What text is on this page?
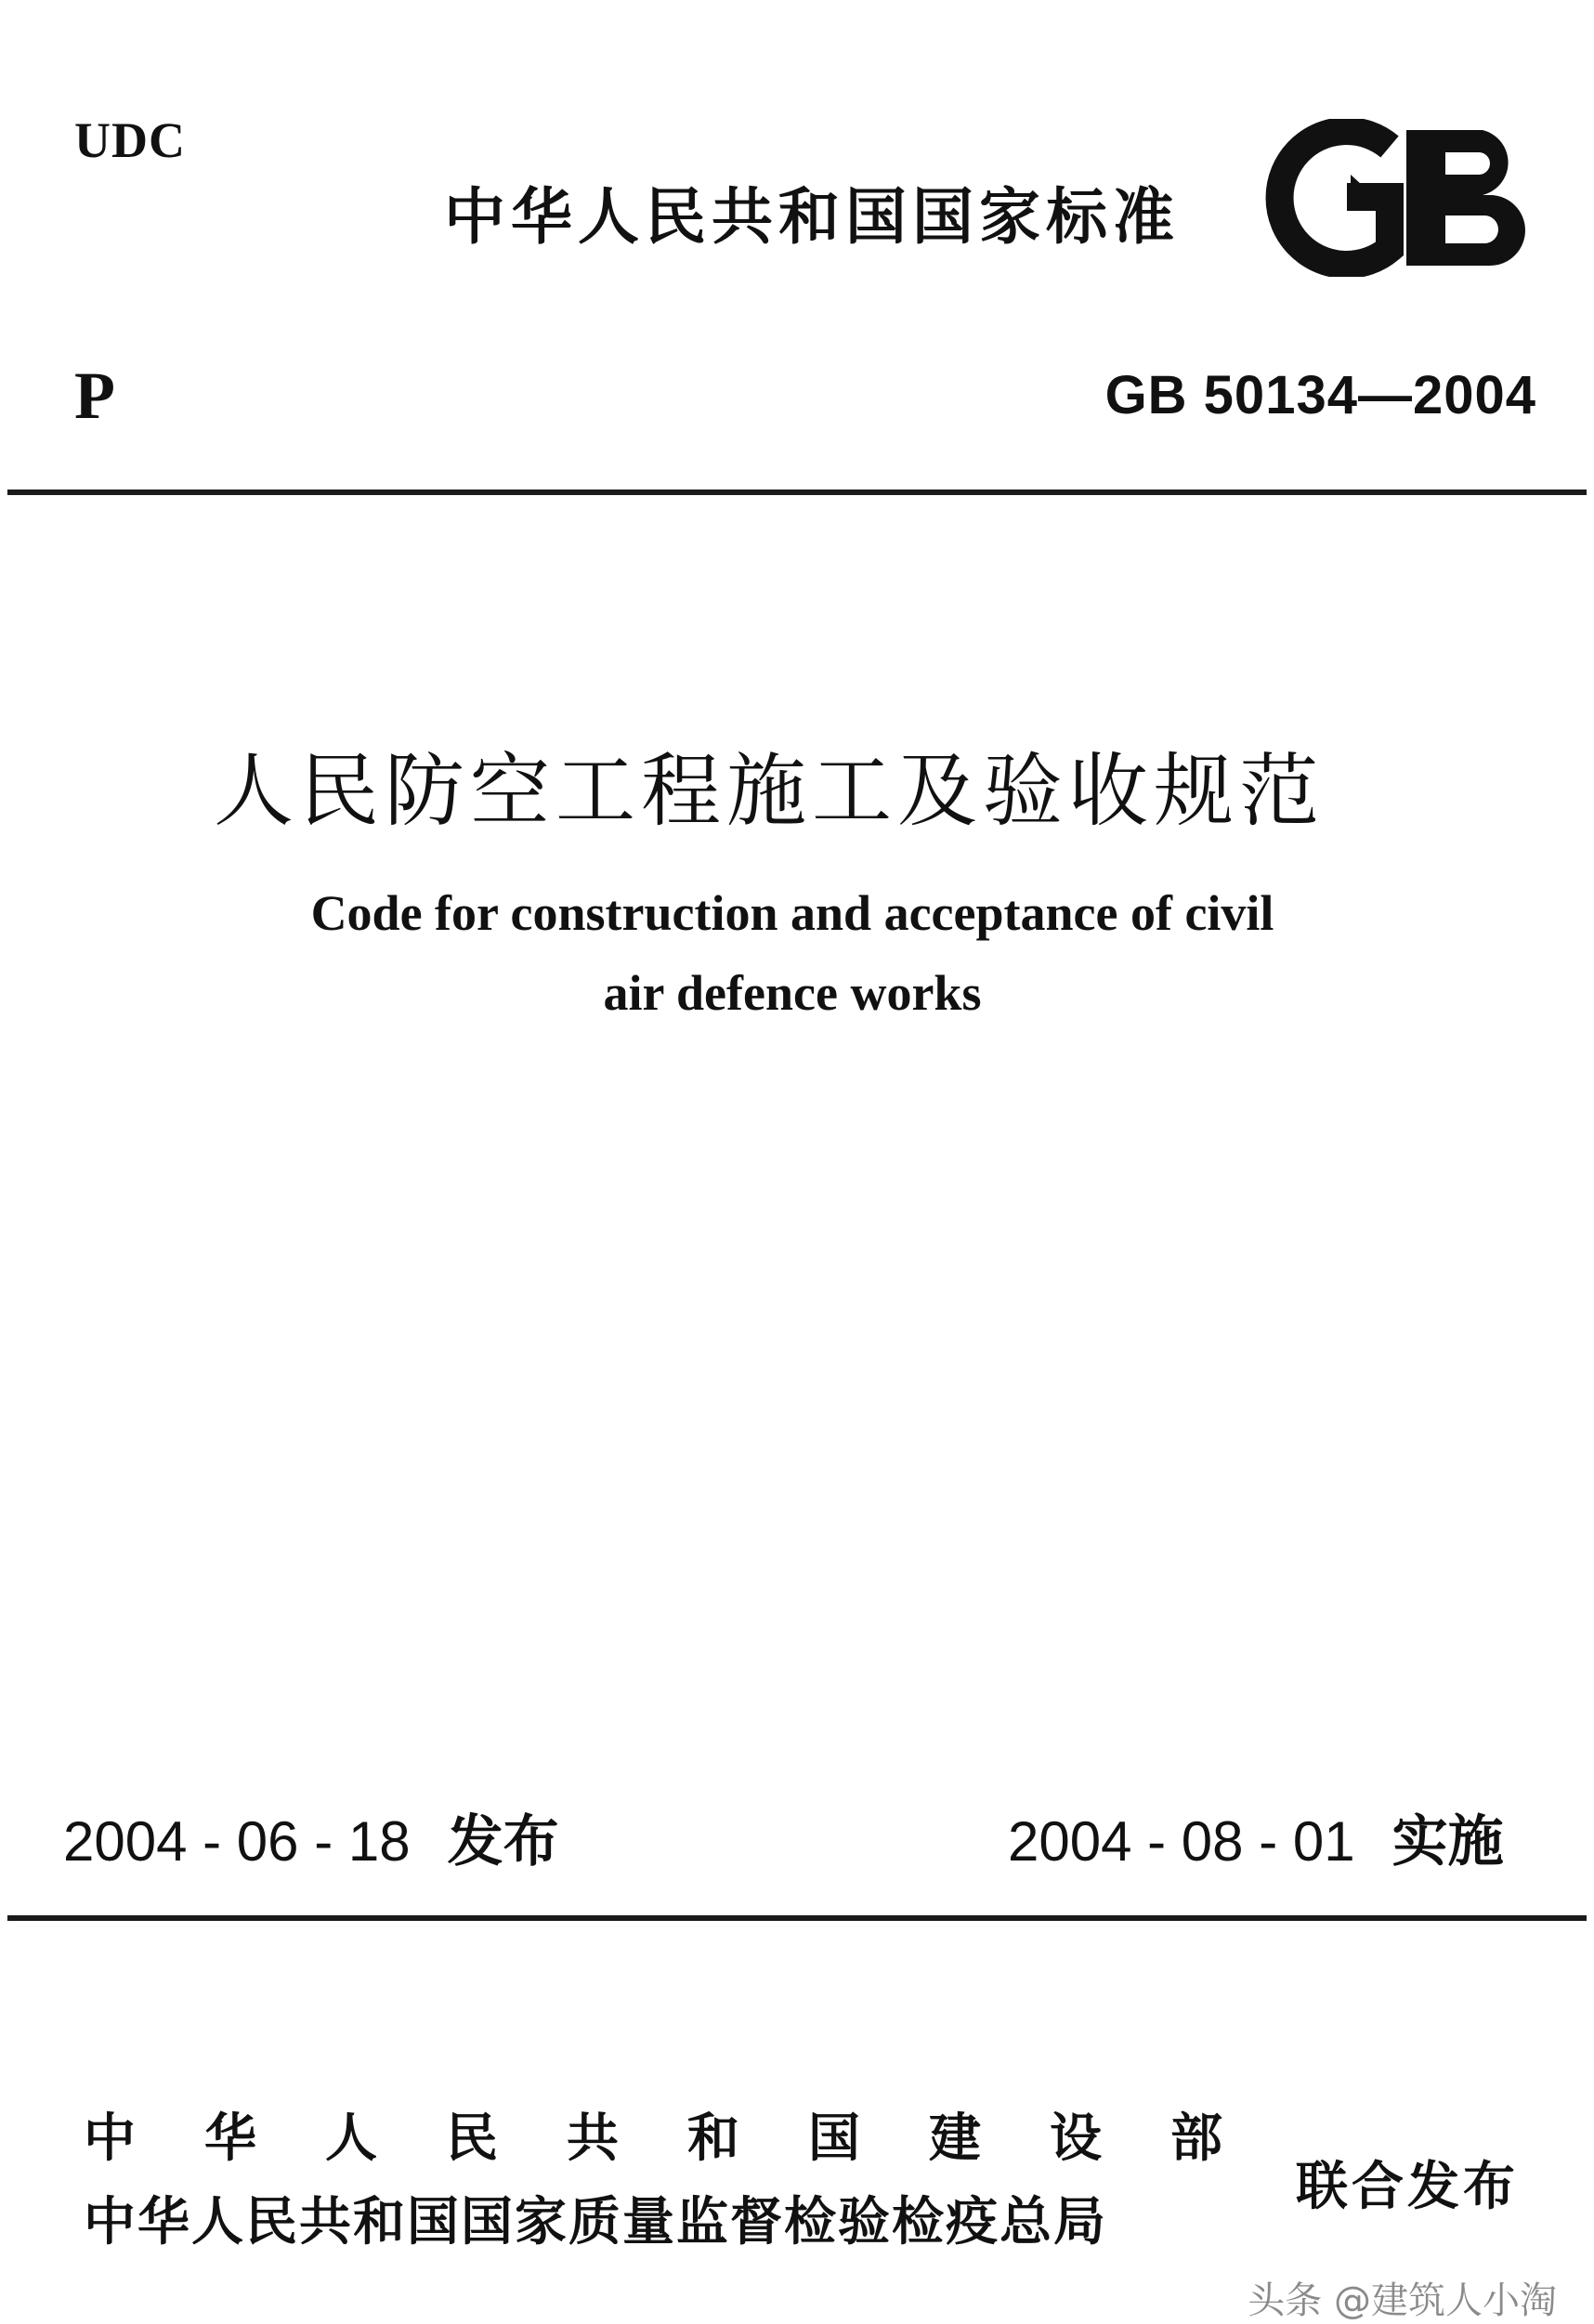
UDC
中华人民共和国国家标准
P	GB 50134—2004
人民防空工程施工及验收规范
Code for construction and acceptance of civil
air defence works
2004 - 06 - 18 发布	2004 - 08 - 01 实施
中华人民共和国建设部
中华人民共和国国家质量监督检验检疫总局
联合发布
头条 @建筑人小淘
